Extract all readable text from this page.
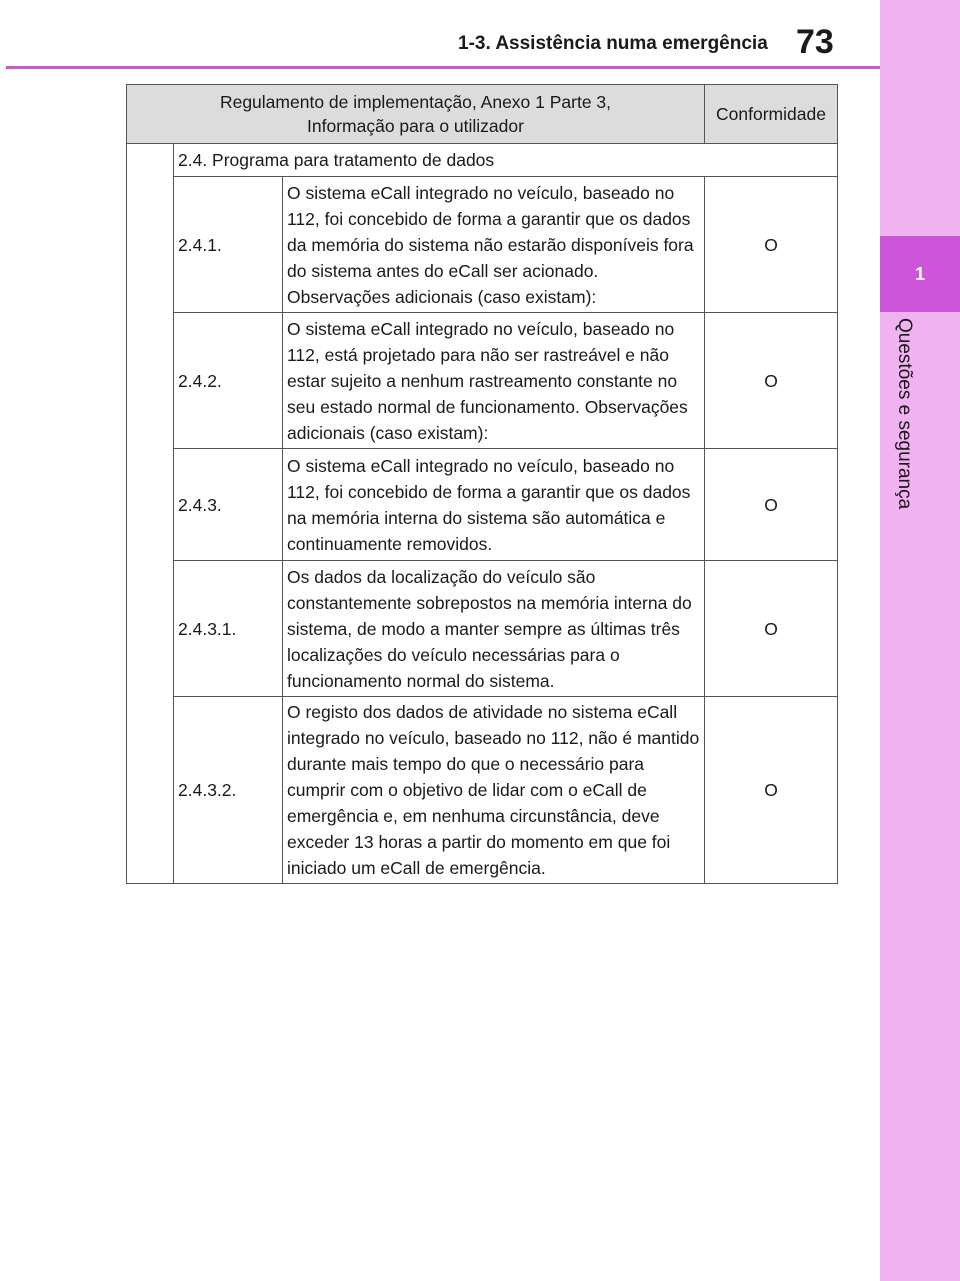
1
Questões e segurança
1-3. Assistência numa emergência 73
Regulamento de implementação, Anexo 1 Parte 3,
Informação para o utilizador			Conformidade
	2.4. Programa para tratamento de dados		
	2.4.1.	O sistema eCall integrado no veículo, baseado no 112, foi concebido de forma a garantir que os dados da memória do sistema não estarão disponíveis fora do sistema antes do eCall ser acionado. Observações adicionais (caso existam):	O
	2.4.2.	O sistema eCall integrado no veículo, baseado no 112, está projetado para não ser rastreável e não estar sujeito a nenhum rastreamento constante no seu estado normal de funcionamento. Observações adicionais (caso existam):	O
	2.4.3.	O sistema eCall integrado no veículo, baseado no 112, foi concebido de forma a garantir que os dados na memória interna do sistema são automática e continuamente removidos.	O
	2.4.3.1.	Os dados da localização do veículo são constantemente sobrepostos na memória interna do sistema, de modo a manter sempre as últimas três localizações do veículo necessárias para o funcionamento normal do sistema.	O
	2.4.3.2.	O registo dos dados de atividade no sistema eCall integrado no veículo, baseado no 112, não é mantido durante mais tempo do que o necessário para cumprir com o objetivo de lidar com o eCall de emergência e, em nenhuma circunstância, deve exceder 13 horas a partir do momento em que foi iniciado um eCall de emergência.	O
